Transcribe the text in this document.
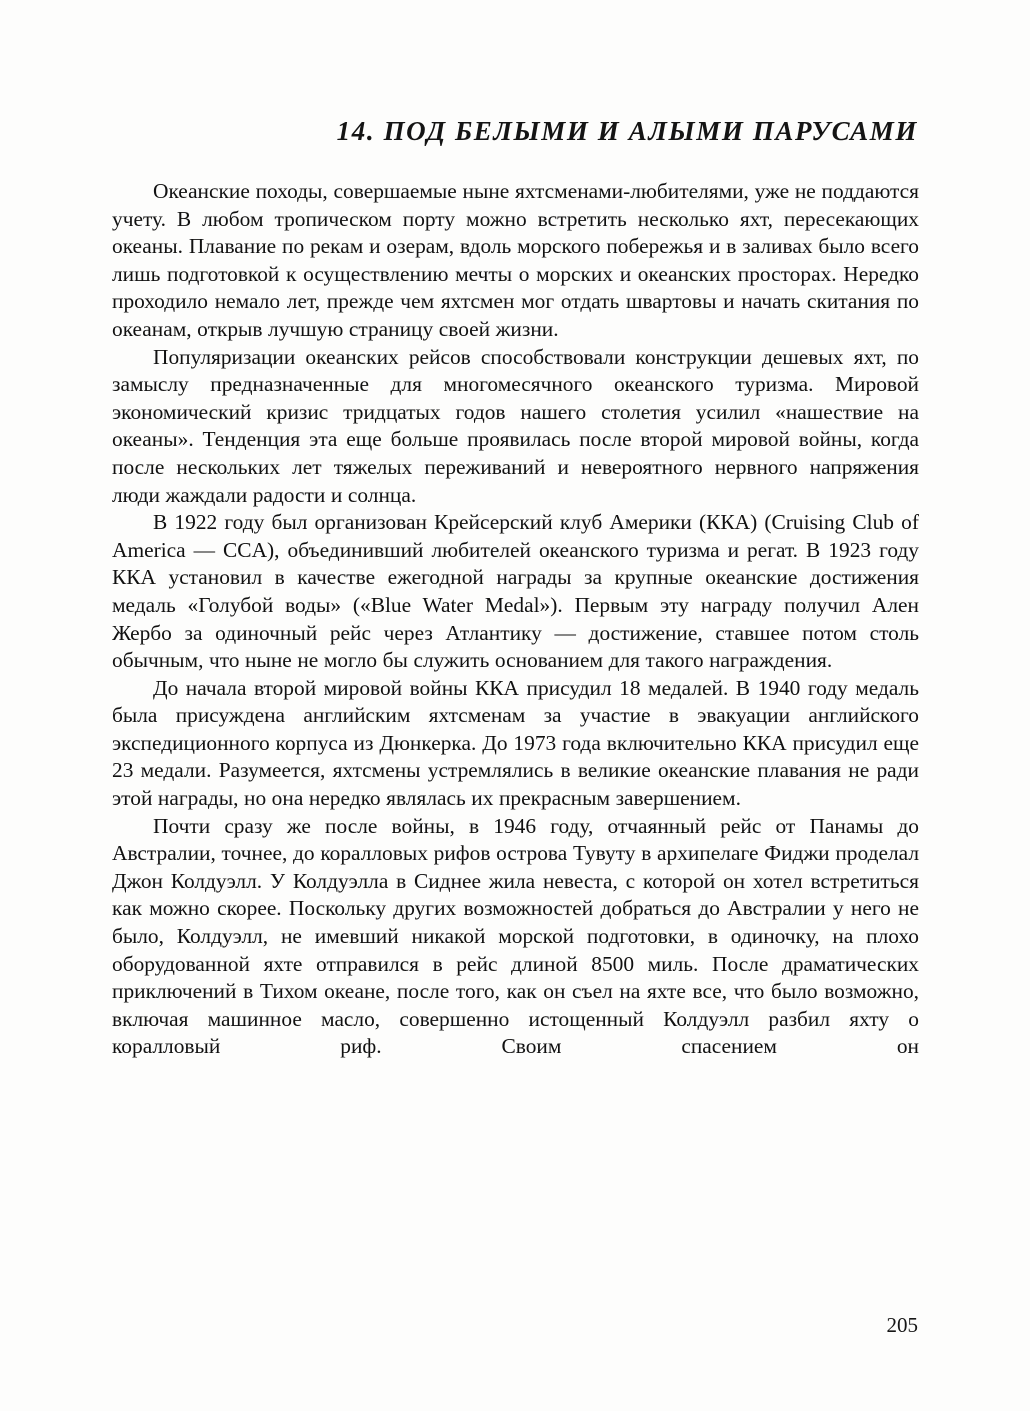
14. ПОД БЕЛЫМИ И АЛЫМИ ПАРУСАМИ

Океанские походы, совершаемые ныне яхтсменами-любителями, уже не поддаются учету. В любом тропическом порту можно встретить несколько яхт, пересекающих океаны. Плавание по рекам и озерам, вдоль морского побережья и в заливах было всего лишь подготовкой к осуществлению мечты о морских и океанских просторах. Нередко проходило немало лет, прежде чем яхтсмен мог отдать швартовы и начать скитания по океанам, открыв лучшую страницу своей жизни.

Популяризации океанских рейсов способствовали конструкции дешевых яхт, по замыслу предназначенные для многомесячного океанского туризма. Мировой экономический кризис тридцатых годов нашего столетия усилил «нашествие на океаны». Тенденция эта еще больше проявилась после второй мировой войны, когда после нескольких лет тяжелых переживаний и невероятного нервного напряжения люди жаждали радости и солнца.

В 1922 году был организован Крейсерский клуб Америки (ККА) (Cruising Club of America — CCA), объединивший любителей океанского туризма и регат. В 1923 году ККА установил в качестве ежегодной награды за крупные океанские достижения медаль «Голубой воды» («Blue Water Medal»). Первым эту награду получил Ален Жербо за одиночный рейс через Атлантику — достижение, ставшее потом столь обычным, что ныне не могло бы служить основанием для такого награждения.

До начала второй мировой войны ККА присудил 18 медалей. В 1940 году медаль была присуждена английским яхтсменам за участие в эвакуации английского экспедиционного корпуса из Дюнкерка. До 1973 года включительно ККА присудил еще 23 медали. Разумеется, яхтсмены устремлялись в великие океанские плавания не ради этой награды, но она нередко являлась их прекрасным завершением.

Почти сразу же после войны, в 1946 году, отчаянный рейс от Панамы до Австралии, точнее, до коралловых рифов острова Тувуту в архипелаге Фиджи проделал Джон Колдуэлл. У Колдуэлла в Сиднее жила невеста, с которой он хотел встретиться как можно скорее. Поскольку других возможностей добраться до Австралии у него не было, Колдуэлл, не имевший никакой морской подготовки, в одиночку, на плохо оборудованной яхте отправился в рейс длиной 8500 миль. После драматических приключений в Тихом океане, после того, как он съел на яхте все, что было возможно, включая машинное масло, совершенно истощенный Колдуэлл разбил яхту о коралловый риф. Своим спасением он

205
